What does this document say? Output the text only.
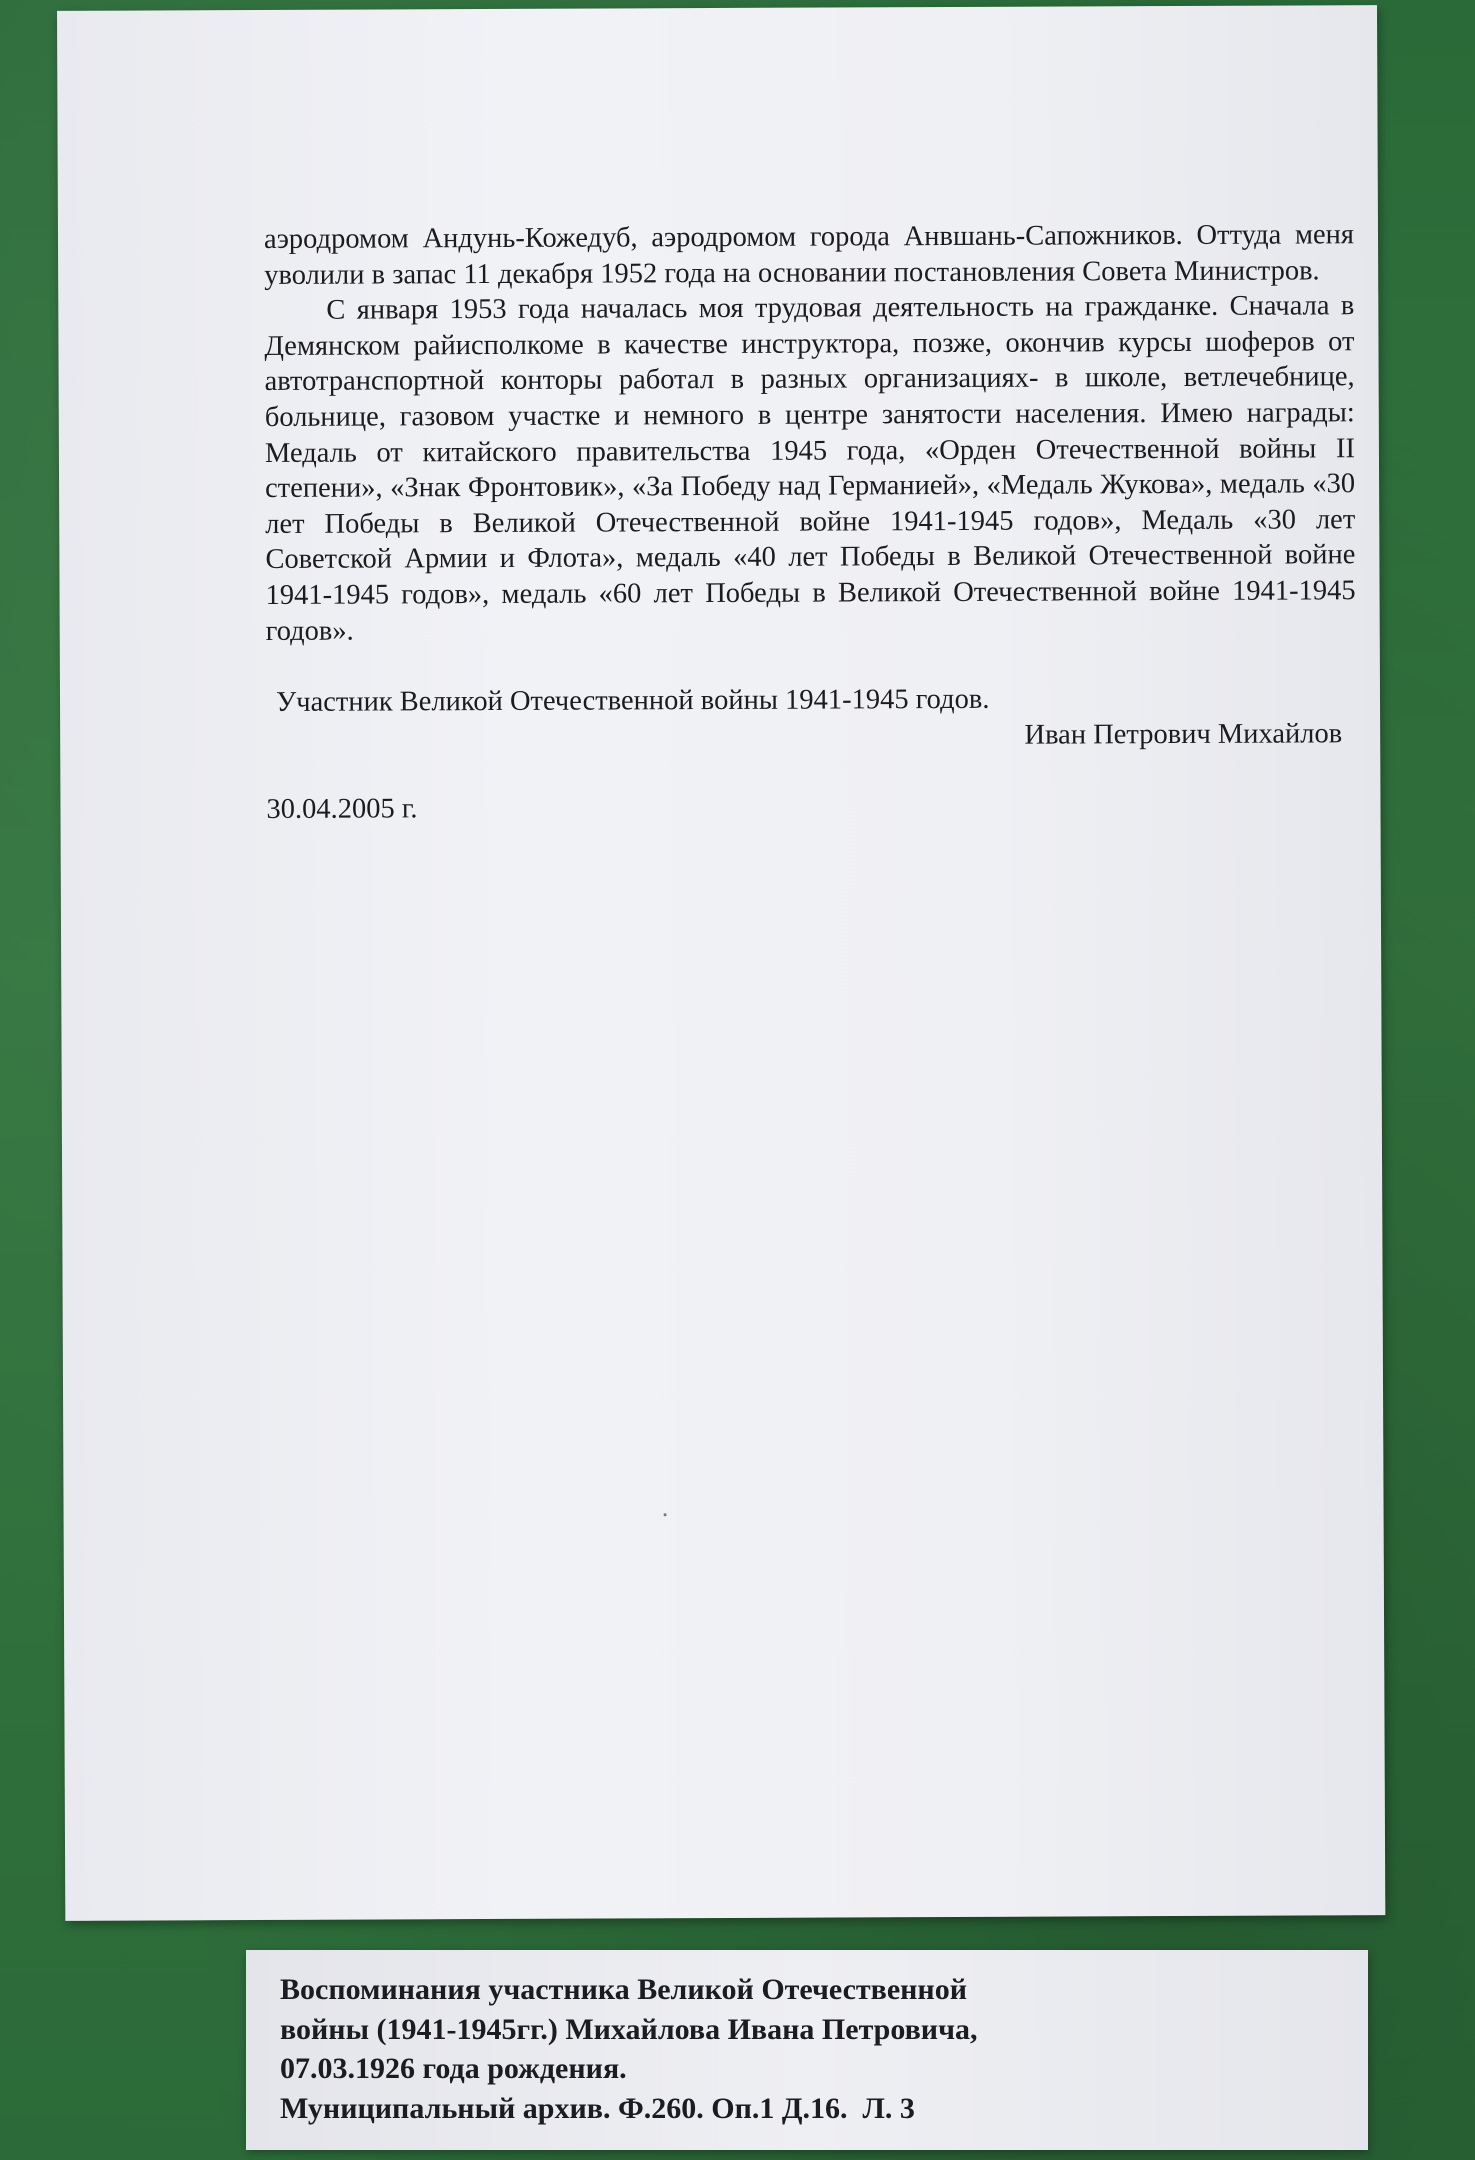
аэродромом Андунь-Кожедуб, аэродромом города Анвшань-Сапожников. Оттуда меня уволили в запас 11 декабря 1952 года на основании постановления Совета Министров.

С января 1953 года началась моя трудовая деятельность на гражданке. Сначала в Демянском райисполкоме в качестве инструктора, позже, окончив курсы шоферов от автотранспортной конторы работал в разных организациях- в школе, ветлечебнице, больнице, газовом участке и немного в центре занятости населения. Имею награды: Медаль от китайского правительства 1945 года, «Орден Отечественной войны II степени», «Знак Фронтовик», «За Победу над Германией», «Медаль Жукова», медаль «30 лет Победы в Великой Отечественной войне 1941-1945 годов», Медаль «30 лет Советской Армии и Флота», медаль «40 лет Победы в Великой Отечественной войне 1941-1945 годов», медаль «60 лет Победы в Великой Отечественной войне 1941-1945 годов».

Участник Великой Отечественной войны 1941-1945 годов.

Иван Петрович Михайлов

30.04.2005 г.

Воспоминания участника Великой Отечественной
войны (1941-1945гг.) Михайлова Ивана Петровича,
07.03.1926 года рождения.
Муниципальный архив. Ф.260. Оп.1 Д.16.  Л. 3
